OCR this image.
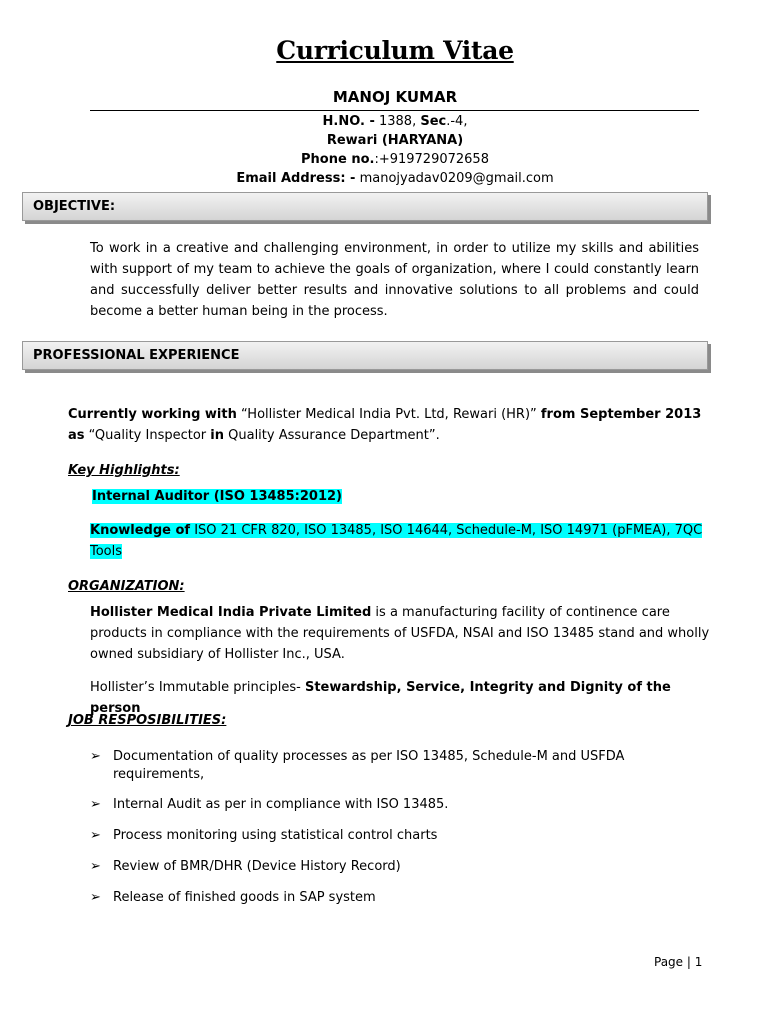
Curriculum Vitae
MANOJ KUMAR
H.NO. - 1388, Sec.-4,
Rewari (HARYANA)
Phone no.:+919729072658
Email Address: - manojyadav0209@gmail.com
OBJECTIVE:
To work in a creative and challenging environment, in order to utilize my skills and abilities with support of my team to achieve the goals of organization, where I could constantly learn and successfully deliver better results and innovative solutions to all problems and could
become a better human being in the process.
PROFESSIONAL EXPERIENCE
Currently working with “Hollister Medical India Pvt. Ltd, Rewari (HR)” from September 2013
as “Quality Inspector in Quality Assurance Department”.
Key Highlights:
Internal Auditor (ISO 13485:2012)
Knowledge of ISO 21 CFR 820, ISO 13485, ISO 14644, Schedule-M, ISO 14971 (pFMEA), 7QC
Tools
ORGANIZATION:
Hollister Medical India Private Limited is a manufacturing facility of continence care
products in compliance with the requirements of USFDA, NSAI and ISO 13485 stand and wholly
owned subsidiary of Hollister Inc., USA.
Hollister’s Immutable principles- Stewardship, Service, Integrity and Dignity of the person
JOB RESPOSIBILITIES:
➢ Documentation of quality processes as per ISO 13485, Schedule-M and USFDA requirements,
➢ Internal Audit as per in compliance with ISO 13485.
➢ Process monitoring using statistical control charts
➢ Review of BMR/DHR (Device History Record)
➢ Release of finished goods in SAP system
Page | 1
